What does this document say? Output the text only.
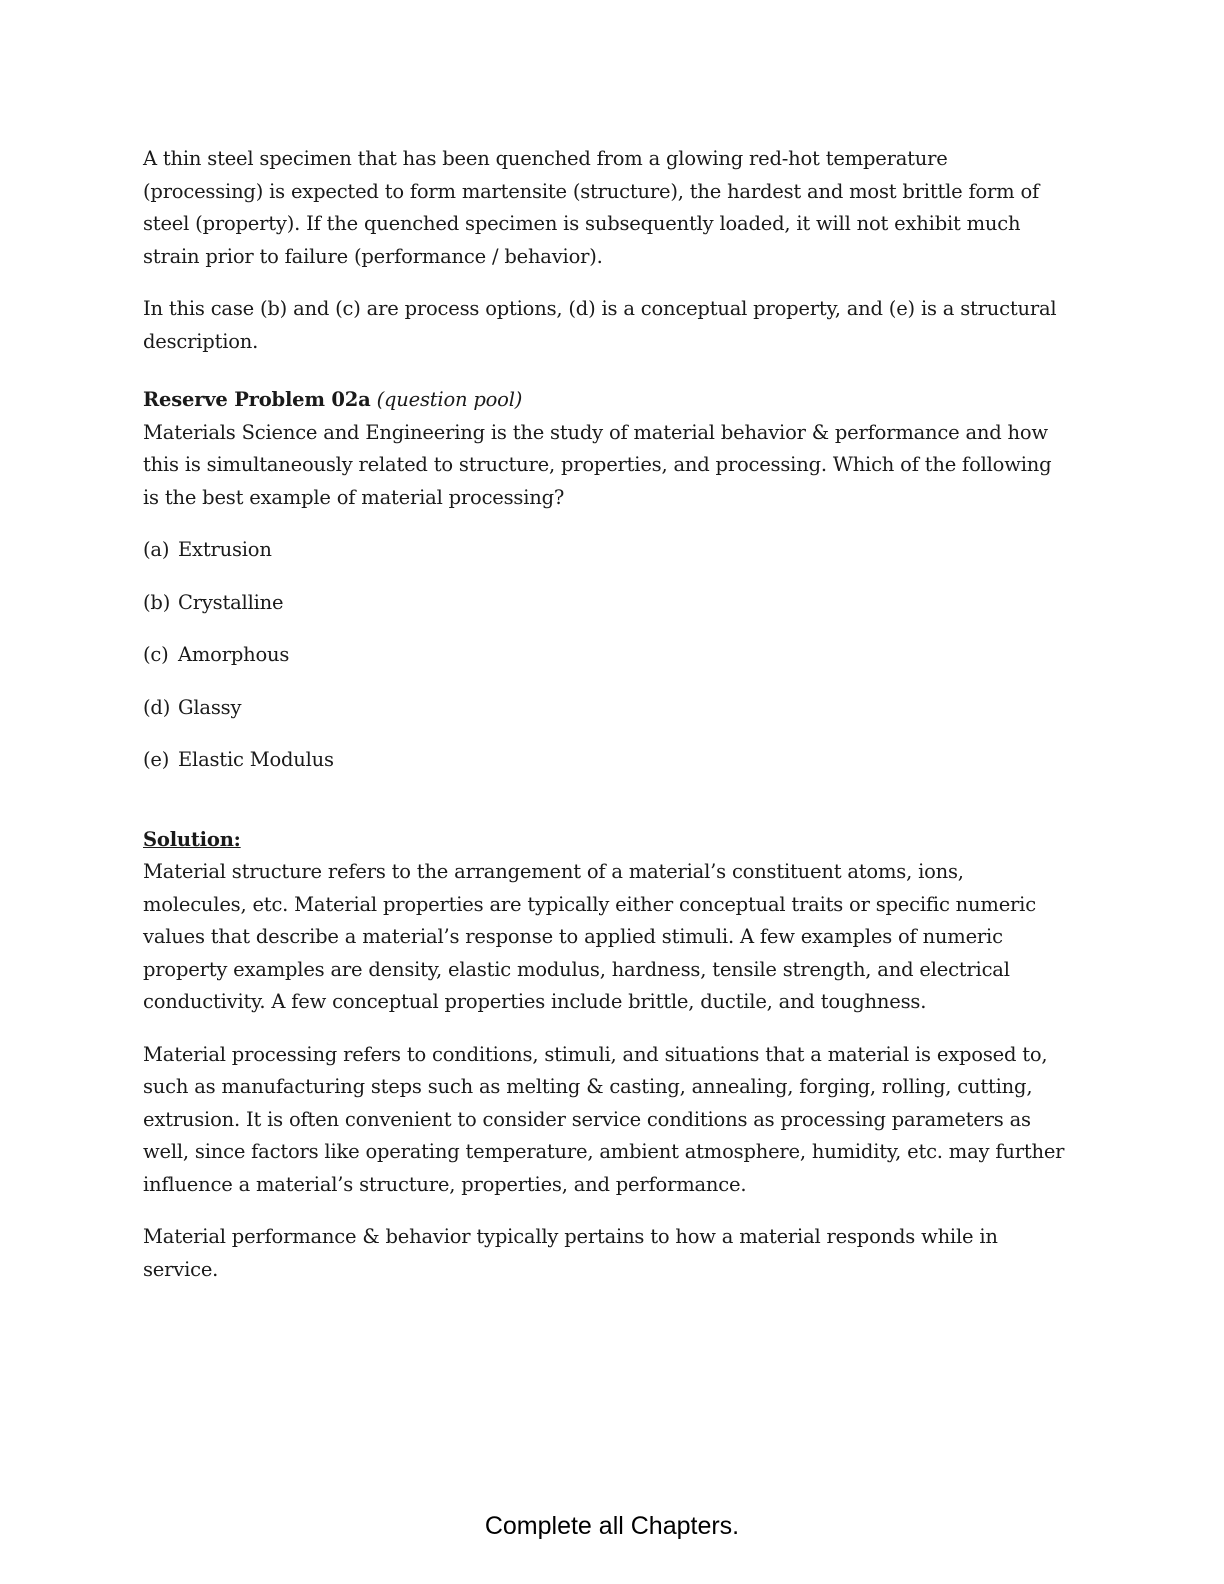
A thin steel specimen that has been quenched from a glowing red-hot temperature (processing) is expected to form martensite (structure), the hardest and most brittle form of steel (property). If the quenched specimen is subsequently loaded, it will not exhibit much strain prior to failure (performance / behavior).

In this case (b) and (c) are process options, (d) is a conceptual property, and (e) is a structural description.

Reserve Problem 02a (question pool)

Materials Science and Engineering is the study of material behavior & performance and how this is simultaneously related to structure, properties, and processing. Which of the following is the best example of material processing?

(a) Extrusion
(b) Crystalline
(c) Amorphous
(d) Glassy
(e) Elastic Modulus
Solution:

Material structure refers to the arrangement of a material’s constituent atoms, ions, molecules, etc. Material properties are typically either conceptual traits or specific numeric values that describe a material’s response to applied stimuli. A few examples of numeric property examples are density, elastic modulus, hardness, tensile strength, and electrical conductivity. A few conceptual properties include brittle, ductile, and toughness.

Material processing refers to conditions, stimuli, and situations that a material is exposed to, such as manufacturing steps such as melting & casting, annealing, forging, rolling, cutting, extrusion. It is often convenient to consider service conditions as processing parameters as well, since factors like operating temperature, ambient atmosphere, humidity, etc. may further influence a material’s structure, properties, and performance.

Material performance & behavior typically pertains to how a material responds while in service.

Complete all Chapters.
